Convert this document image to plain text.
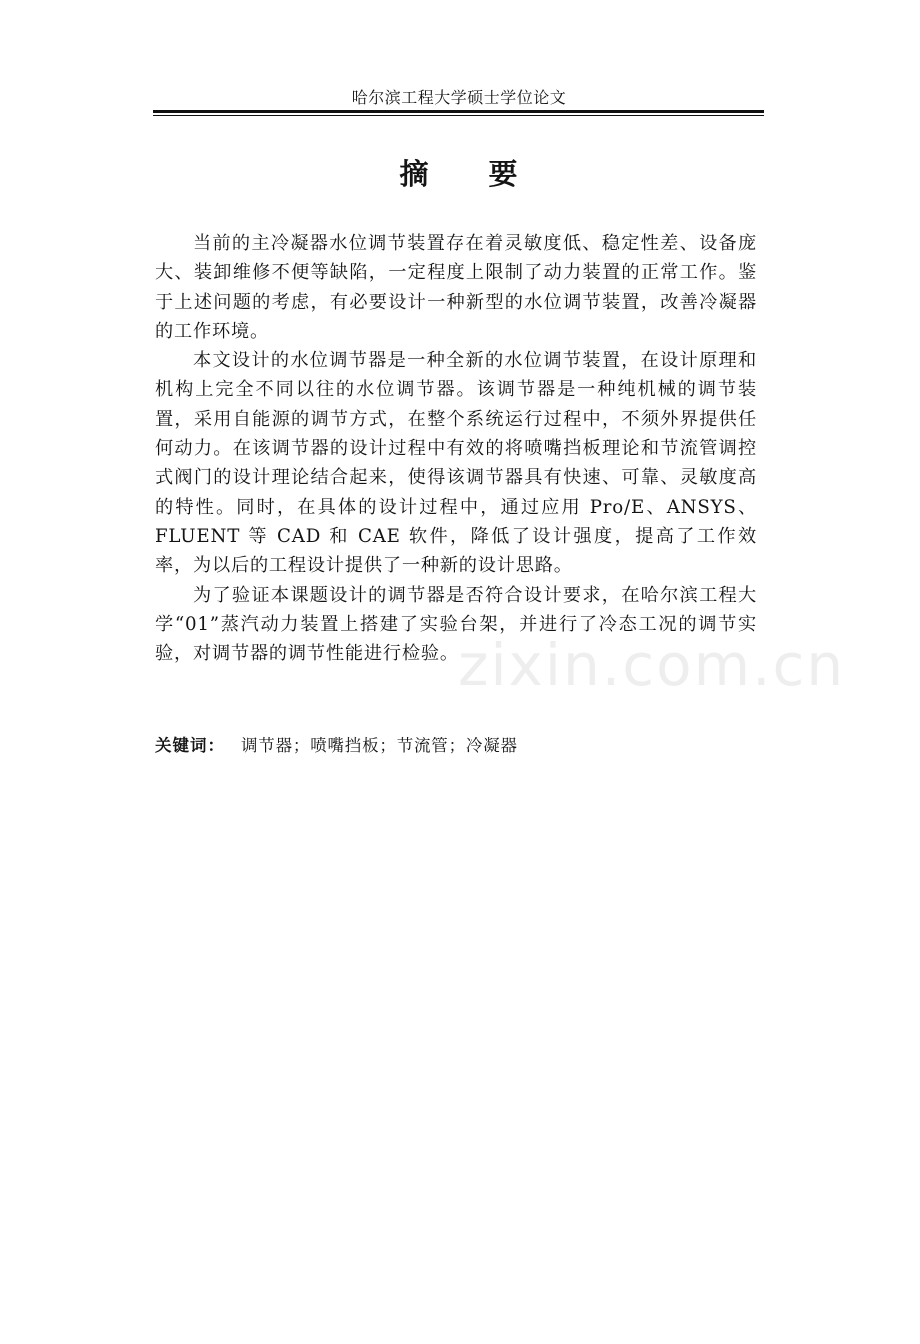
哈尔滨工程大学硕士学位论文
摘要

当前的主冷凝器水位调节装置存在着灵敏度低、稳定性差、设备庞大、装卸维修不便等缺陷，一定程度上限制了动力装置的正常工作。鉴于上述问题的考虑，有必要设计一种新型的水位调节装置，改善冷凝器的工作环境。

本文设计的水位调节器是一种全新的水位调节装置，在设计原理和机构上完全不同以往的水位调节器。该调节器是一种纯机械的调节装置，采用自能源的调节方式，在整个系统运行过程中，不须外界提供任何动力。在该调节器的设计过程中有效的将喷嘴挡板理论和节流管调控式阀门的设计理论结合起来，使得该调节器具有快速、可靠、灵敏度高的特性。同时，在具体的设计过程中，通过应用 Pro/E、ANSYS、FLUENT 等 CAD 和 CAE 软件，降低了设计强度，提高了工作效率，为以后的工程设计提供了一种新的设计思路。

为了验证本课题设计的调节器是否符合设计要求，在哈尔滨工程大学“01”蒸汽动力装置上搭建了实验台架，并进行了冷态工况的调节实验，对调节器的调节性能进行检验。

关键词： 调节器；喷嘴挡板；节流管；冷凝器
zixin.com.cn
